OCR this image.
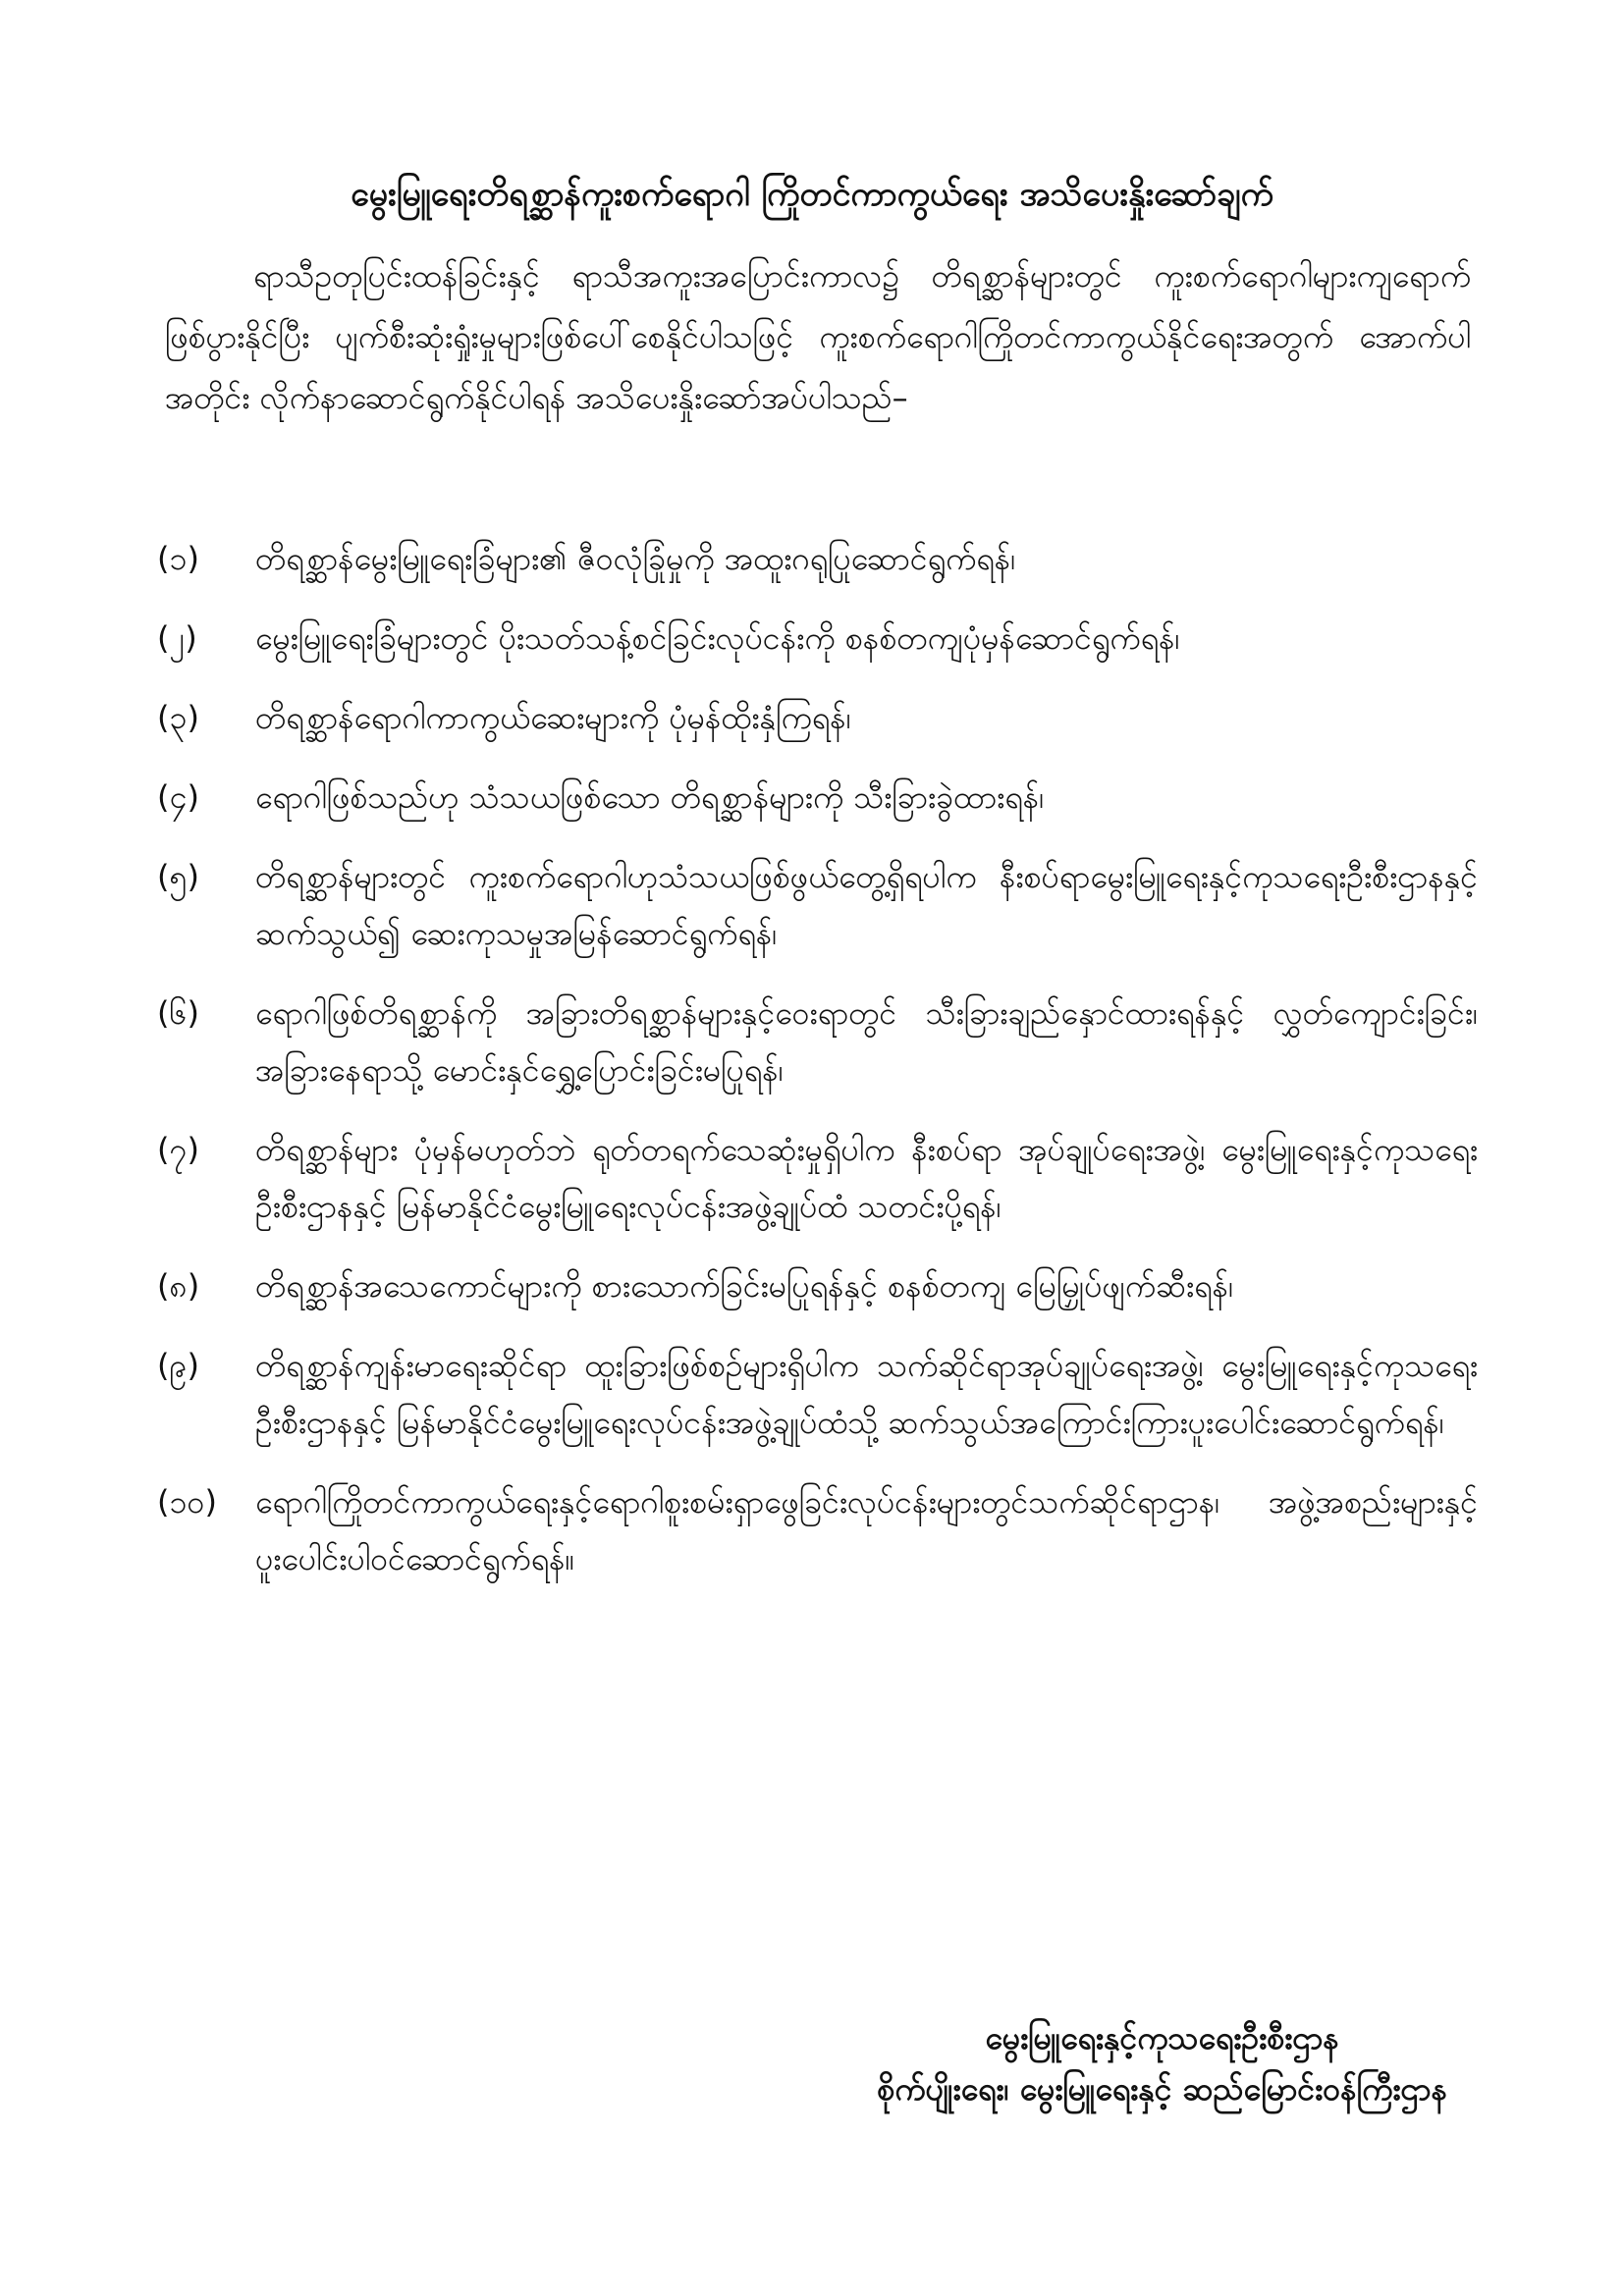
မွေးမြူရေးတိရစ္ဆာန်ကူးစက်ရောဂါ ကြိုတင်ကာကွယ်ရေး အသိပေးနှိုးဆော်ချက်
ရာသီဥတုပြင်းထန်ခြင်းနှင့် ရာသီအကူးအပြောင်းကာလ၌ တိရစ္ဆာန်များတွင် ကူးစက်ရောဂါများကျရောက်ဖြစ်ပွားနိုင်ပြီး ပျက်စီးဆုံးရှုံးမှုများဖြစ်ပေါ်စေနိုင်ပါသဖြင့် ကူးစက်ရောဂါကြိုတင်ကာကွယ်နိုင်ရေးအတွက် အောက်ပါအတိုင်း လိုက်နာဆောင်ရွက်နိုင်ပါရန် အသိပေးနှိုးဆော်အပ်ပါသည်–
(၁)	တိရစ္ဆာန်မွေးမြူရေးခြံများ၏ ဇီဝလုံခြုံမှုကို အထူးဂရုပြုဆောင်ရွက်ရန်၊
(၂)	မွေးမြူရေးခြံများတွင် ပိုးသတ်သန့်စင်ခြင်းလုပ်ငန်းကို စနစ်တကျပုံမှန်ဆောင်ရွက်ရန်၊
(၃)	တိရစ္ဆာန်ရောဂါကာကွယ်ဆေးများကို ပုံမှန်ထိုးနှံကြရန်၊
(၄)	ရောဂါဖြစ်သည်ဟု သံသယဖြစ်သော တိရစ္ဆာန်များကို သီးခြားခွဲထားရန်၊
(၅)	တိရစ္ဆာန်များတွင် ကူးစက်ရောဂါဟုသံသယဖြစ်ဖွယ်တွေ့ရှိရပါက နီးစပ်ရာမွေးမြူရေးနှင့်ကုသရေးဦးစီးဌာနနှင့် ဆက်သွယ်၍ ဆေးကုသမှုအမြန်ဆောင်ရွက်ရန်၊
(၆)	ရောဂါဖြစ်တိရစ္ဆာန်ကို အခြားတိရစ္ဆာန်များနှင့်ဝေးရာတွင် သီးခြားချည်နှောင်ထားရန်နှင့် လွှတ်ကျောင်းခြင်း၊ အခြားနေရာသို့ မောင်းနှင်ရွှေ့ပြောင်းခြင်းမပြုရန်၊
(၇)	တိရစ္ဆာန်များ ပုံမှန်မဟုတ်ဘဲ ရုတ်တရက်သေဆုံးမှုရှိပါက နီးစပ်ရာ အုပ်ချုပ်ရေးအဖွဲ့၊ မွေးမြူရေးနှင့်ကုသရေးဦးစီးဌာနနှင့် မြန်မာနိုင်ငံမွေးမြူရေးလုပ်ငန်းအဖွဲ့ချုပ်ထံ သတင်းပို့ရန်၊
(၈)	တိရစ္ဆာန်အသေကောင်များကို စားသောက်ခြင်းမပြုရန်နှင့် စနစ်တကျ မြေမြှုပ်ဖျက်ဆီးရန်၊
(၉)	တိရစ္ဆာန်ကျန်းမာရေးဆိုင်ရာ ထူးခြားဖြစ်စဉ်များရှိပါက သက်ဆိုင်ရာအုပ်ချုပ်ရေးအဖွဲ့၊ မွေးမြူရေးနှင့်ကုသရေးဦးစီးဌာနနှင့် မြန်မာနိုင်ငံမွေးမြူရေးလုပ်ငန်းအဖွဲ့ချုပ်ထံသို့ ဆက်သွယ်အကြောင်းကြားပူးပေါင်းဆောင်ရွက်ရန်၊
(၁၀)	ရောဂါကြိုတင်ကာကွယ်ရေးနှင့်ရောဂါစူးစမ်းရှာဖွေခြင်းလုပ်ငန်းများတွင်သက်ဆိုင်ရာဌာန၊ အဖွဲ့အစည်းများနှင့် ပူးပေါင်းပါဝင်ဆောင်ရွက်ရန်။
မွေးမြူရေးနှင့်ကုသရေးဦးစီးဌာန
စိုက်ပျိုးရေး၊ မွေးမြူရေးနှင့် ဆည်မြောင်းဝန်ကြီးဌာန
